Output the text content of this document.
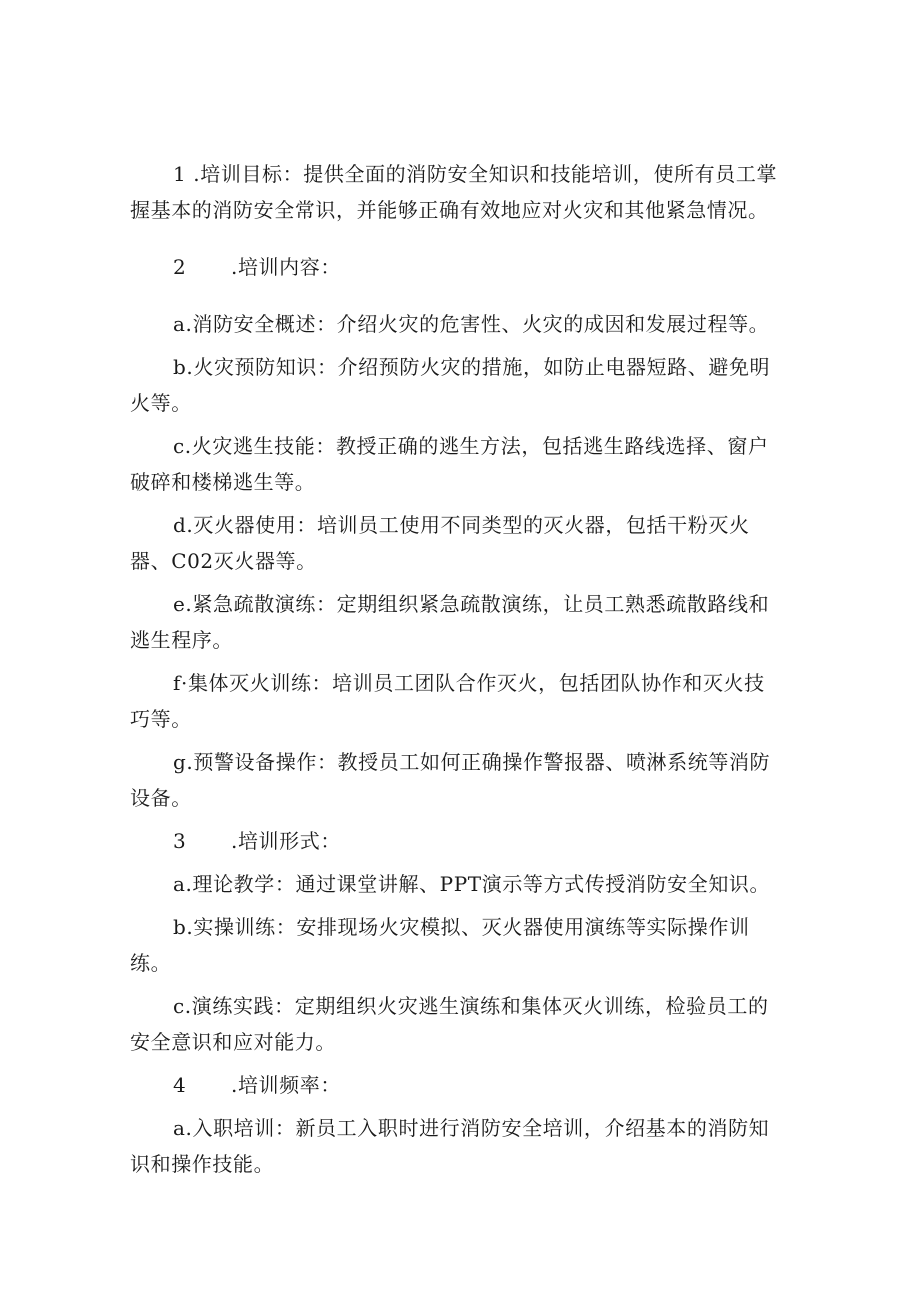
1 .培训目标：提供全面的消防安全知识和技能培训，使所有员工掌握基本的消防安全常识，并能够正确有效地应对火灾和其他紧急情况。

2 .培训内容：

a.消防安全概述：介绍火灾的危害性、火灾的成因和发展过程等。

b.火灾预防知识：介绍预防火灾的措施，如防止电器短路、避免明火等。

c.火灾逃生技能：教授正确的逃生方法，包括逃生路线选择、窗户破碎和楼梯逃生等。

d.灭火器使用：培训员工使用不同类型的灭火器，包括干粉灭火器、C02灭火器等。

e.紧急疏散演练：定期组织紧急疏散演练，让员工熟悉疏散路线和逃生程序。

f·集体灭火训练：培训员工团队合作灭火，包括团队协作和灭火技巧等。

g.预警设备操作：教授员工如何正确操作警报器、喷淋系统等消防设备。

3 .培训形式：

a.理论教学：通过课堂讲解、PPT演示等方式传授消防安全知识。

b.实操训练：安排现场火灾模拟、灭火器使用演练等实际操作训练。

c.演练实践：定期组织火灾逃生演练和集体灭火训练，检验员工的安全意识和应对能力。

4 .培训频率：

a.入职培训：新员工入职时进行消防安全培训，介绍基本的消防知识和操作技能。
